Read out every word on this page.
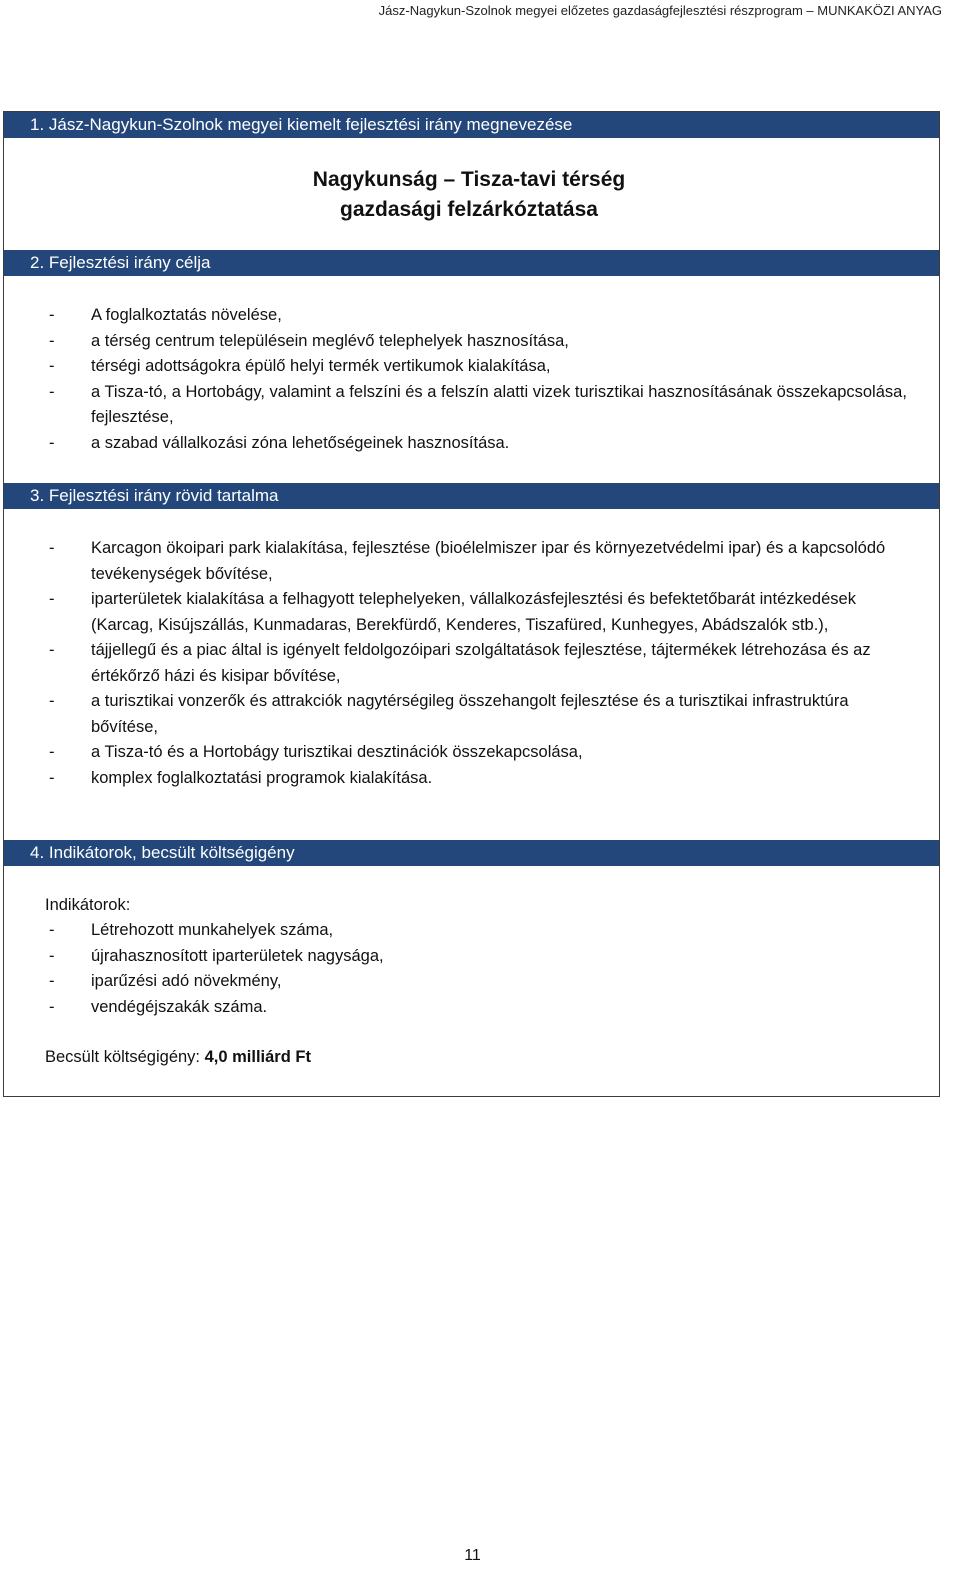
Jász-Nagykun-Szolnok megyei előzetes gazdaságfejlesztési részprogram – MUNKAKÖZI ANYAG
1. Jász-Nagykun-Szolnok megyei kiemelt fejlesztési irány megnevezése
Nagykunság – Tisza-tavi térség
gazdasági felzárkóztatása
2. Fejlesztési irány célja
- A foglalkoztatás növelése,
- a térség centrum településein meglévő telephelyek hasznosítása,
- térségi adottságokra épülő helyi termék vertikumok kialakítása,
- a Tisza-tó, a Hortobágy, valamint a felszíni és a felszín alatti vizek turisztikai hasznosításának összekapcsolása, fejlesztése,
- a szabad vállalkozási zóna lehetőségeinek hasznosítása.
3. Fejlesztési irány rövid tartalma
- Karcagon ökoipari park kialakítása, fejlesztése (bioélelmiszer ipar és környezetvédelmi ipar) és a kapcsolódó tevékenységek bővítése,
- iparterületek kialakítása a felhagyott telephelyeken, vállalkozásfejlesztési és befektetőbarát intézkedések (Karcag, Kisújszállás, Kunmadaras, Berekfürdő, Kenderes, Tiszafüred, Kunhegyes, Abádszalók stb.),
- tájjellegű és a piac által is igényelt feldolgozóipari szolgáltatások fejlesztése, tájtermékek létrehozása és az értékőrző házi és kisipar bővítése,
- a turisztikai vonzerők és attrakciók nagytérségileg összehangolt fejlesztése és a turisztikai infrastruktúra bővítése,
- a Tisza-tó és a Hortobágy turisztikai desztinációk összekapcsolása,
- komplex foglalkoztatási programok kialakítása.
4. Indikátorok, becsült költségigény
Indikátorok:
- Létrehozott munkahelyek száma,
- újrahasznosított iparterületek nagysága,
- iparűzési adó növekmény,
- vendégéjszakák száma.
Becsült költségigény: 4,0 milliárd Ft
11
